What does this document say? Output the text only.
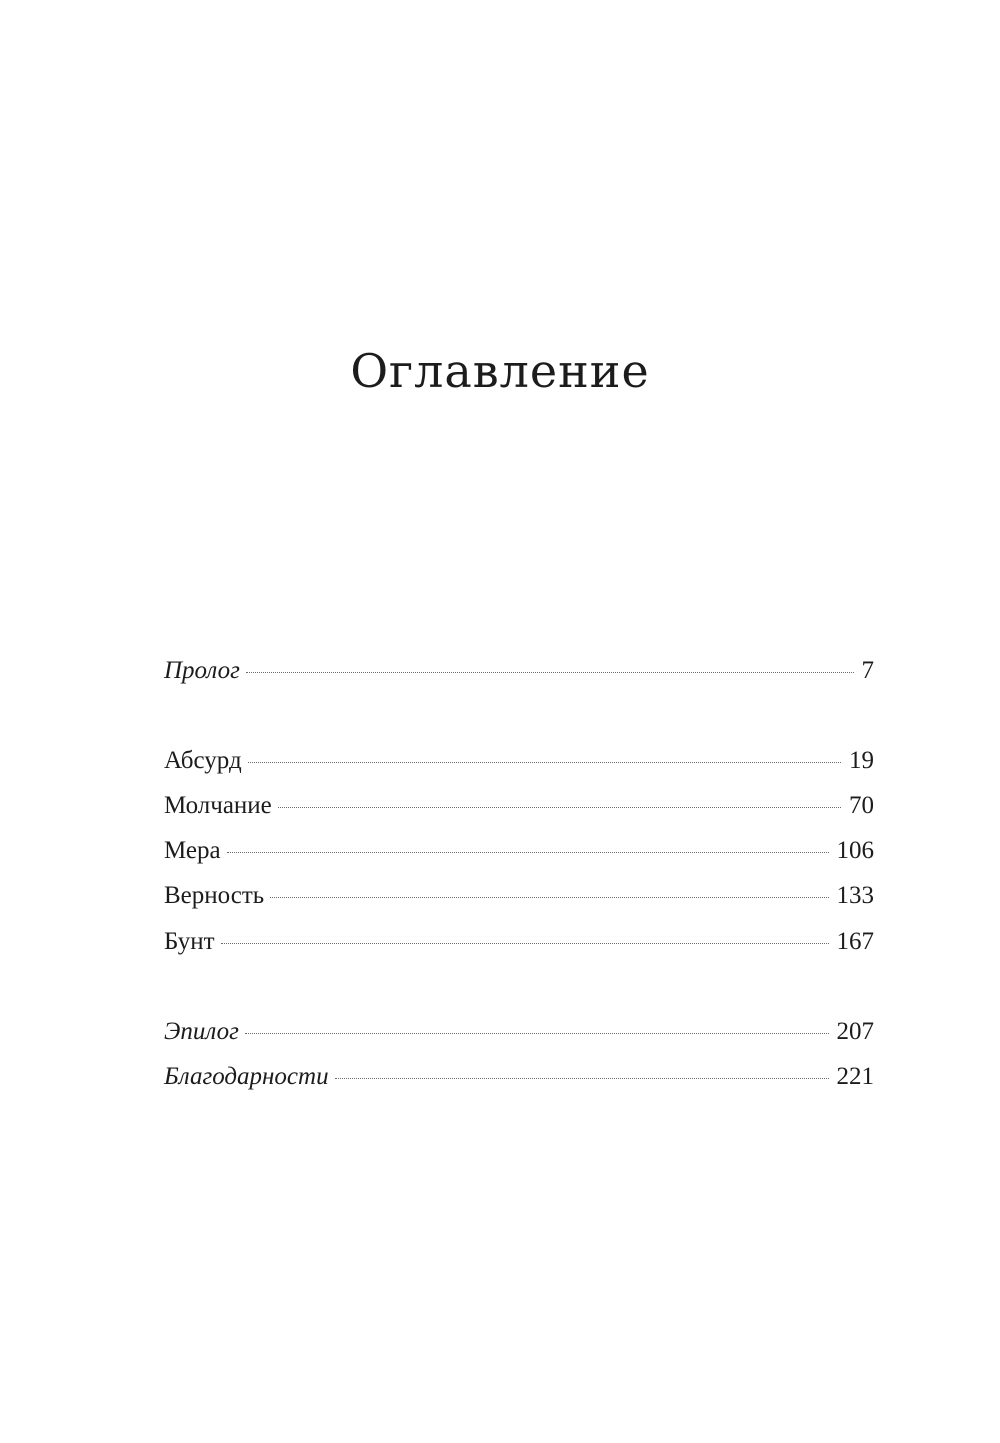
Оглавление
Пролог	7
Абсурд	19
Молчание	70
Мера	106
Верность	133
Бунт	167
Эпилог	207
Благодарности	221
